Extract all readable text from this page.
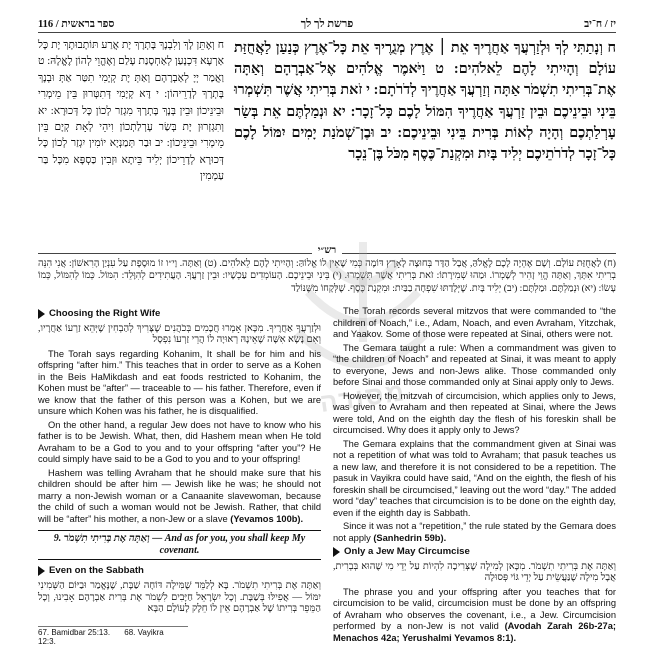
116 / ספר בראשית	פרשת לך לך	יז / ח־יב
ח וְנָתַתִּי לְךָ וּלְזַרְעֲךָ אַחֲרֶיךָ אֵת ׀ אֶרֶץ מְגֻרֶיךָ אֵת כָּל־אֶרֶץ כְּנַעַן לַאֲחֻזַּת עוֹלָם וְהָיִיתִי לָהֶם לֵאלֹהִים: ט וַיֹּאמֶר אֱלֹהִים אֶל־אַבְרָהָם וְאַתָּה אֶת־בְּרִיתִי תִשְׁמֹר אַתָּה וְזַרְעֲךָ אַחֲרֶיךָ לְדֹרֹתָם: י זֹאת בְּרִיתִי אֲשֶׁר תִּשְׁמְרוּ בֵּינִי וּבֵינֵיכֶם וּבֵין זַרְעֲךָ אַחֲרֶיךָ הִמּוֹל לָכֶם כָּל־זָכָר: יא וּנְמַלְתֶּם אֵת בְּשַׂר עָרְלַתְכֶם וְהָיָה לְאוֹת בְּרִית בֵּינִי וּבֵינֵיכֶם: יב וּבֶן־שְׁמֹנַת יָמִים יִמּוֹל לָכֶם כָּל־זָכָר לְדֹרֹתֵיכֶם יְלִיד בָּיִת וּמִקְנַת־כֶּסֶף מִכֹּל בֶּן־נֵכָר
ח וְאֶתֵּן לָךְ וְלִבְנָךְ בָּתְרָךְ יָת אֲרַע תּוֹתָבוּתָךְ יָת כָּל אַרְעָא דִּכְנָעַן לְאַחְסָנַת עָלַם וְאֶהֱוֵי לְהוֹן לֶאֱלָהּ: ט וַאֲמַר יְיָ לְאַבְרָהָם וְאַתְּ יָת קְיָמִי תִטַּר אַתְּ וּבְנָךְ בָּתְרָךְ לְדָרֵיהוֹן: י דָּא קְיָמִי דְּתִטְּרוּן בֵּין מֵימְרִי וּבֵינֵיכוֹן וּבֵין בְּנָךְ בָּתְרָךְ מִגְזַר לְכוֹן כָּל דְּכוּרָא: יא וְתִגְזְרוּן יָת בְּשַׂר עָרְלַתְכוֹן וִיהֵי לְאָת קְיָם בֵּין מֵימְרִי וּבֵינֵיכוֹן: יב וּבַר תְּמַנְיָא יוֹמִין יִגְזַר לְכוֹן כָּל דְּכוּרָא לְדָרֵיכוֹן יְלִיד בֵּיתָא וּזְבִין כַּסְפָּא מִכָּל בַּר עַמְמִין
רש״י
(ח) לַאֲחֻזַּת עוֹלָם. וְשָׁם אֶהְיֶה לָכֶם לֶאֱלֹהַּ, אֲבָל הַדָּר בְּחוּצָה לָאָרֶץ דּוֹמֶה כְּמִי שֶׁאֵין לוֹ אֱלוֹהַּ: וְהָיִיתִי לָהֶם לֵאלֹהִים. (ט) וְאַתָּה. וָי״ו זוֹ מוּסֶפֶת עַל עִנְיַן הָרִאשׁוֹן: אֲנִי הִנֵּה בְרִיתִי אִתָּךְ, וְאַתָּה הֱוֵי זָהִיר לְשָׁמְרוֹ. וּמַהוּ שְׁמִירָתוֹ: זֹאת בְּרִיתִי אֲשֶׁר תִּשְׁמְרוּ. (י) בֵּינִי וּבֵינֵיכֶם. הָעוֹמְדִים עַכְשָׁיו: וּבֵין זַרְעֲךָ. הָעֲתִידִים לְהִוָּלֵד: הִמּוֹל. כְּמוֹ לְהִמּוֹל, כְּמוֹ עָשׂוֹ: (יא) וּנְמַלְתֶּם. וּמַלְתֶּם: (יב) יְלִיד בָּיִת. שֶׁיְּלָדַתּוּ שִׁפְחָה בַבַּיִת: וּמִקְנַת כֶּסֶף. שֶׁלְּקָחוֹ מִשֶּׁנּוֹלַד
מסורה
Choosing the Right Wife
וּלְזַרְעֲךָ אַחֲרֶיךָ. מִכָּאן אָמְרוּ חֲכָמִים בְּכֹהֲנִים שֶׁצָּרִיךְ לְהַבְחִין שֶׁיְּהֵא זַרְעוֹ אַחֲרָיו, וְאִם נָשָׂא אִשָּׁה שֶׁאֵינָהּ רְאוּיָה לוֹ הֲרֵי זַרְעוֹ נִפְסָל

The Torah says regarding Kohanim, It shall be for him and his offspring “after him.” This teaches that in order to serve as a Kohen in the Beis HaMikdash and eat foods restricted to Kohanim, the Kohen must be “after” — traceable to — his father. Therefore, even if we know that the father of this person was a Kohen, but we are unsure which Kohen was his father, he is disqualified.

On the other hand, a regular Jew does not have to know who his father is to be Jewish. What, then, did Hashem mean when He told Avraham to be a God to you and to your offspring “after you”? He could simply have said to be a God to you and to your offspring!

Hashem was telling Avraham that he should make sure that his children should be after him — Jewish like he was; he should not marry a non-Jewish woman or a Canaanite slavewoman, because the child of such a woman would not be Jewish. Rather, that child will be “after” his mother, a non-Jew or a slave (Yevamos 100b).

9. וְאַתָּה אֶת בְּרִיתִי תִשְׁמֹר — And as for you, you shall keep My covenant.
Even on the Sabbath
וְאַתָּה אֶת בְּרִיתִי תִשְׁמֹר. בָּא לְלַמֵּד שֶׁמִּילָה דּוֹחָה שַׁבָּת, שֶׁנֶּאֱמַר וּבַיּוֹם הַשְּׁמִינִי יִמּוֹל — אֲפִילּוּ בְּשַׁבָּת. וְכָל יִשְׂרָאֵל חַיָּבִים לִשְׁמֹר אֶת בְּרִית אַבְרָהָם אָבִינוּ, וְכָל הַמֵּפֵר בְּרִיתוֹ שֶׁל אַבְרָהָם אֵין לוֹ חֵלֶק לָעוֹלָם הַבָּא

The Torah records several mitzvos that were commanded to “the children of Noach,” i.e., Adam, Noach, and even Avraham, Yitzchak, and Yaakov. Some of those were repeated at Sinai, others were not.

The Gemara taught a rule: When a commandment was given to “the children of Noach” and repeated at Sinai, it was meant to apply to everyone, Jews and non-Jews alike. Those commanded only before Sinai and those commanded only at Sinai apply only to Jews.

However, the mitzvah of circumcision, which applies only to Jews, was given to Avraham and then repeated at Sinai, where the Jews were told, And on the eighth day the flesh of his foreskin shall be circumcised. Why does it apply only to Jews?

The Gemara explains that the commandment given at Sinai was not a repetition of what was told to Avraham; that pasuk teaches us a new law, and therefore it is not considered to be a repetition. The pasuk in Vayikra could have said, “And on the eighth, the flesh of his foreskin shall be circumcised,” leaving out the word “day.” The added word “day” teaches that circumcision is to be done on the eighth day, even if the eighth day is Sabbath.

Since it was not a “repetition,” the rule stated by the Gemara does not apply (Sanhedrin 59b).

Only a Jew May Circumcise
וְאַתָּה אֶת בְּרִיתִי תִשְׁמֹר. מִכָּאן לְמִילָה שֶׁצְּרִיכָה לִהְיוֹת עַל יְדֵי מִי שֶׁהוּא בְּבְרִית, אֲבָל מִילָה שֶׁנַּעֲשֵׂית עַל יְדֵי גּוֹי פְּסוּלָה

The phrase you and your offspring after you teaches that for circumcision to be valid, circumcision must be done by an offspring of Avraham who observes the covenant, i.e., a Jew. Circumcision performed by a non-Jew is not valid (Avodah Zarah 26b-27a; Menachos 42a; Yerushalmi Yevamos 8:1).

67. Bamidbar 25:13. 68. Vayikra 12:3.
